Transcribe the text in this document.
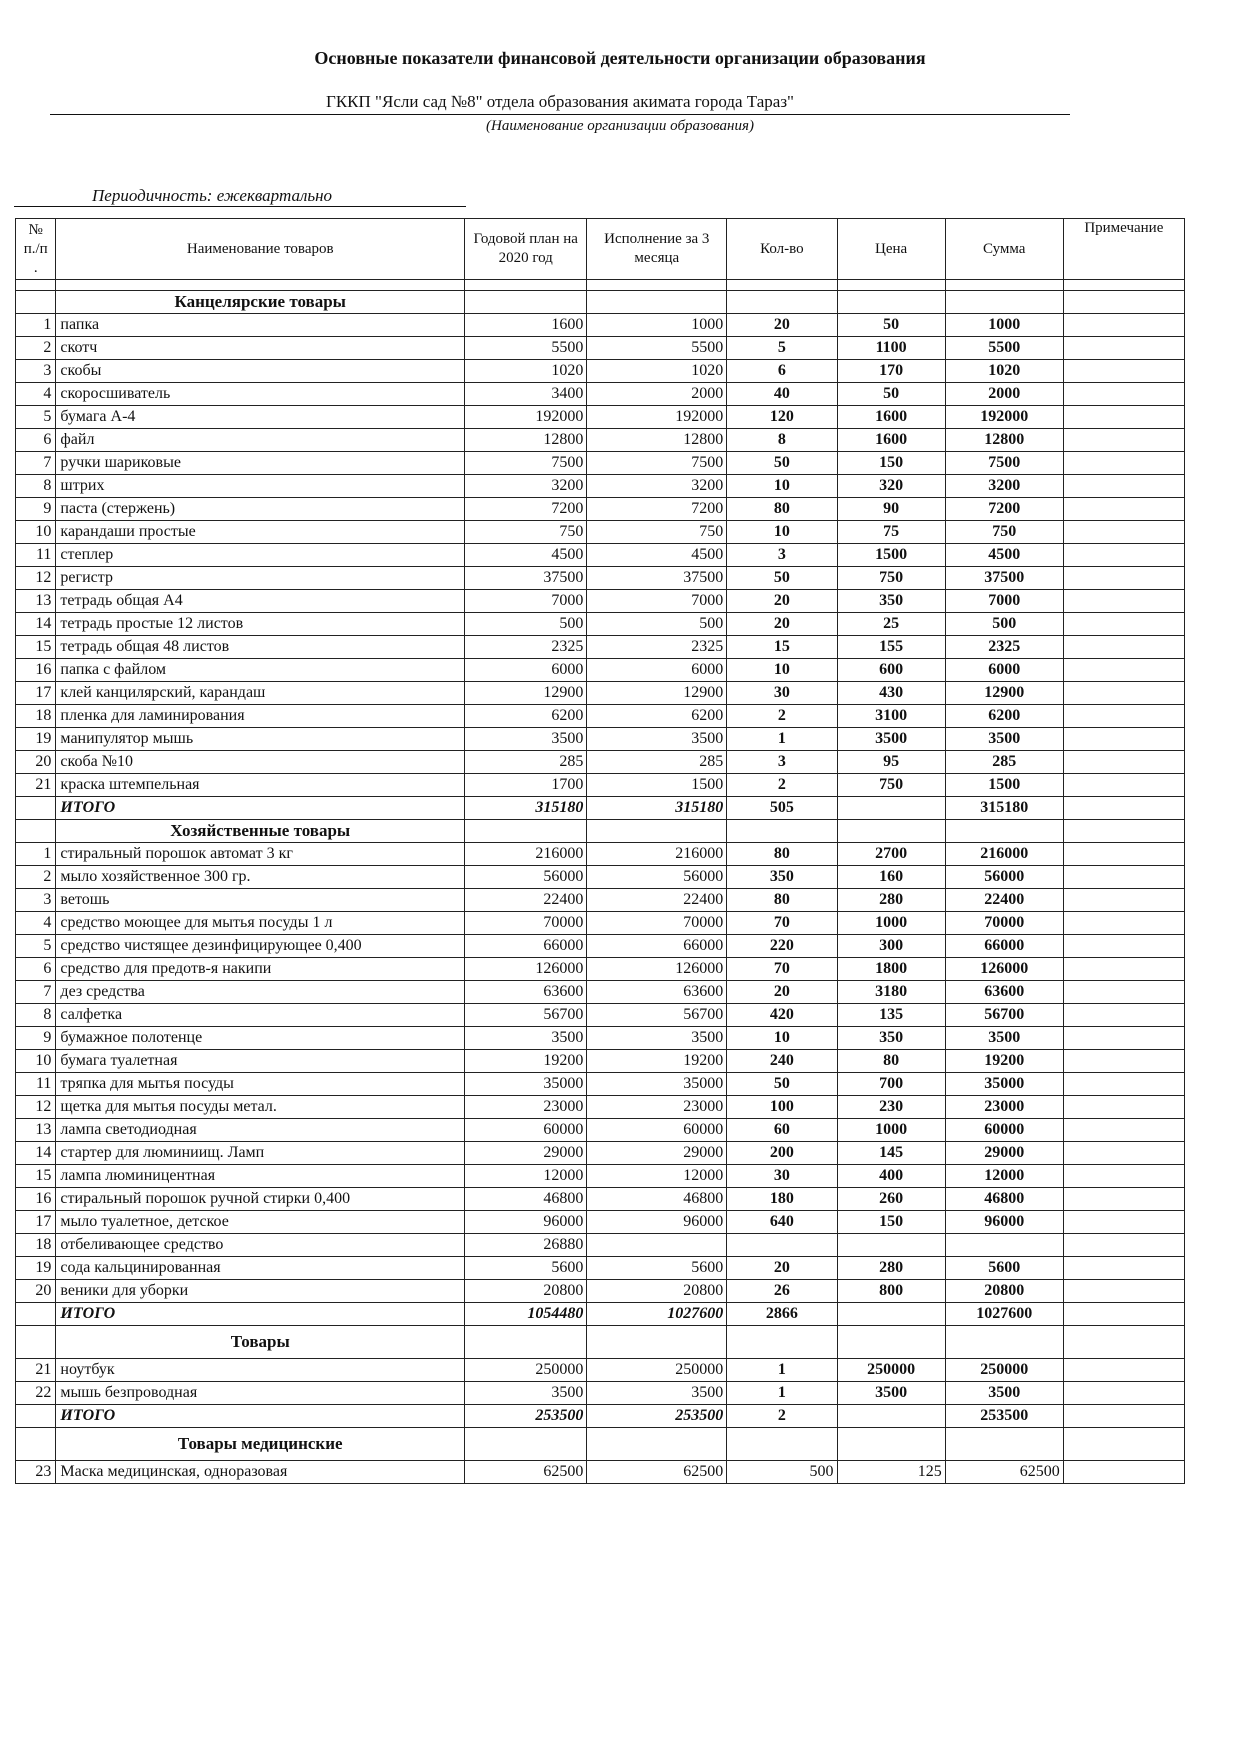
Основные показатели финансовой деятельности организации образования
ГККП "Ясли сад №8" отдела образования акимата города Тараз"
(Наименование организации образования)
Периодичность: ежеквартально
№ п./п .	Наименование товаров	Годовой план на 2020 год	Исполнение за 3 месяца	Кол-во	Цена	Сумма	Примечание

	Канцелярские товары						
1	папка	1600	1000	20	50	1000	
2	скотч	5500	5500	5	1100	5500	
3	скобы	1020	1020	6	170	1020	
4	скоросшиватель	3400	2000	40	50	2000	
5	бумага А-4	192000	192000	120	1600	192000	
6	файл	12800	12800	8	1600	12800	
7	ручки шариковые	7500	7500	50	150	7500	
8	штрих	3200	3200	10	320	3200	
9	паста (стержень)	7200	7200	80	90	7200	
10	карандаши простые	750	750	10	75	750	
11	степлер	4500	4500	3	1500	4500	
12	регистр	37500	37500	50	750	37500	
13	тетрадь общая А4	7000	7000	20	350	7000	
14	тетрадь простые 12 листов	500	500	20	25	500	
15	тетрадь общая 48 листов	2325	2325	15	155	2325	
16	папка с файлом	6000	6000	10	600	6000	
17	клей канцилярский, карандаш	12900	12900	30	430	12900	
18	пленка для ламинирования	6200	6200	2	3100	6200	
19	манипулятор мышь	3500	3500	1	3500	3500	
20	скоба №10	285	285	3	95	285	
21	краска штемпельная	1700	1500	2	750	1500	
	ИТОГО	315180	315180	505		315180	
	Хозяйственные товары						
1	стиральный порошок автомат 3 кг	216000	216000	80	2700	216000	
2	мыло хозяйственное 300 гр.	56000	56000	350	160	56000	
3	ветошь	22400	22400	80	280	22400	
4	средство моющее для мытья посуды 1 л	70000	70000	70	1000	70000	
5	средство чистящее дезинфицирующее 0,400	66000	66000	220	300	66000	
6	средство для предотв-я накипи	126000	126000	70	1800	126000	
7	дез средства	63600	63600	20	3180	63600	
8	салфетка	56700	56700	420	135	56700	
9	бумажное полотенце	3500	3500	10	350	3500	
10	бумага туалетная	19200	19200	240	80	19200	
11	тряпка для мытья посуды	35000	35000	50	700	35000	
12	щетка для мытья посуды метал.	23000	23000	100	230	23000	
13	лампа светодиодная	60000	60000	60	1000	60000	
14	стартер для люминиищ. Ламп	29000	29000	200	145	29000	
15	лампа люминицентная	12000	12000	30	400	12000	
16	стиральный порошок ручной стирки 0,400	46800	46800	180	260	46800	
17	мыло туалетное, детское	96000	96000	640	150	96000	
18	отбеливающее средство	26880					
19	сода кальцинированная	5600	5600	20	280	5600	
20	веники для уборки	20800	20800	26	800	20800	
	ИТОГО	1054480	1027600	2866		1027600	
	Товары						
21	ноутбук	250000	250000	1	250000	250000	
22	мышь безпроводная	3500	3500	1	3500	3500	
	ИТОГО	253500	253500	2		253500	
	Товары медицинские						
23	Маска медицинская, одноразовая	62500	62500	500	125	62500	
